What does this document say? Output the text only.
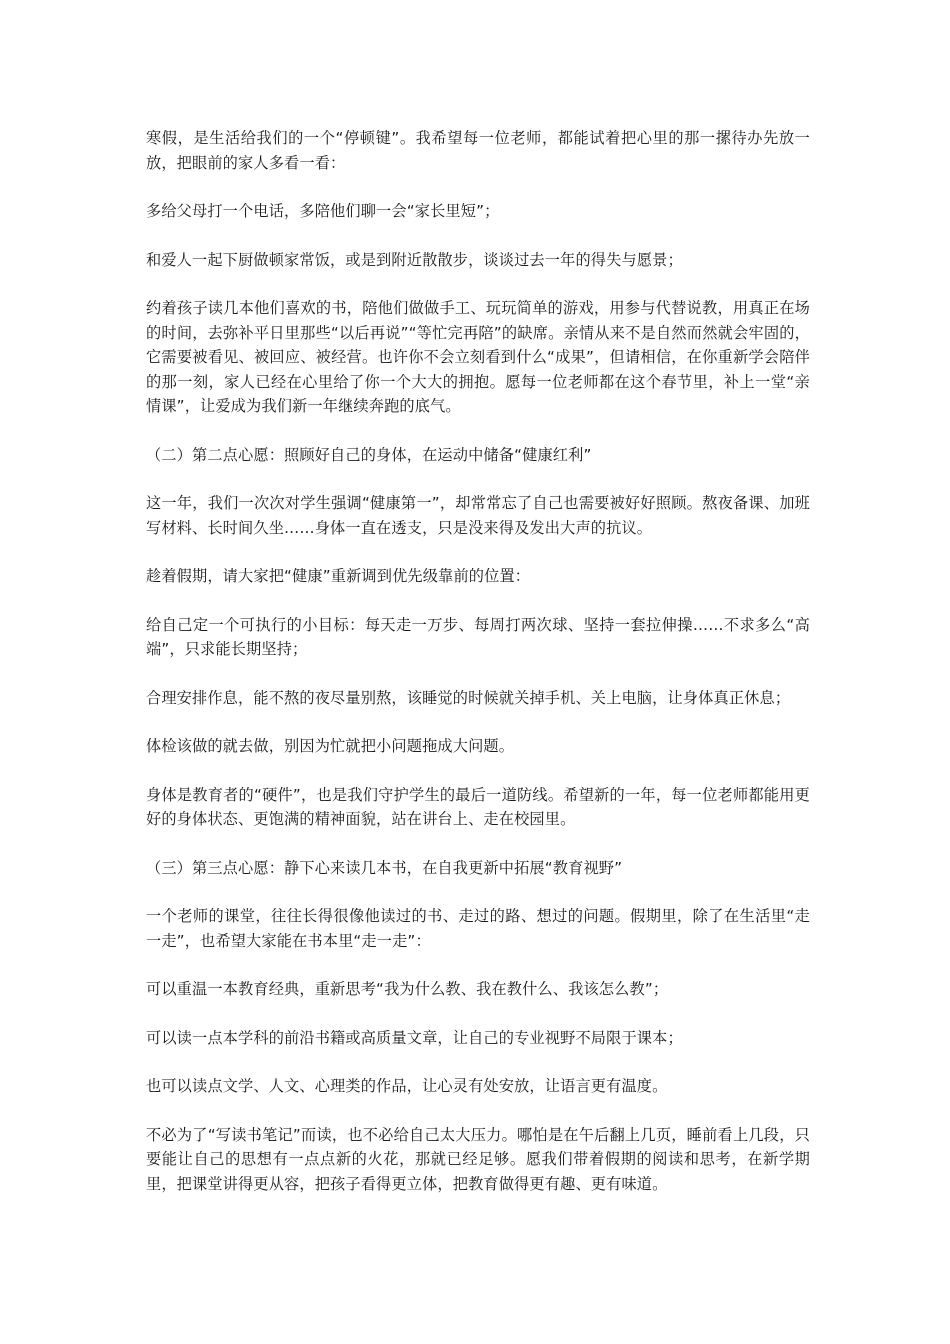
寒假，是生活给我们的一个“停顿键”。我希望每一位老师，都能试着把心里的那一摞待办先放一放，把眼前的家人多看一看：

多给父母打一个电话，多陪他们聊一会“家长里短”；

和爱人一起下厨做顿家常饭，或是到附近散散步，谈谈过去一年的得失与愿景；

约着孩子读几本他们喜欢的书，陪他们做做手工、玩玩简单的游戏，用参与代替说教，用真正在场的时间，去弥补平日里那些“以后再说”“等忙完再陪”的缺席。亲情从来不是自然而然就会牢固的，它需要被看见、被回应、被经营。也许你不会立刻看到什么“成果”，但请相信，在你重新学会陪伴的那一刻，家人已经在心里给了你一个大大的拥抱。愿每一位老师都在这个春节里，补上一堂“亲情课”，让爱成为我们新一年继续奔跑的底气。

（二）第二点心愿：照顾好自己的身体，在运动中储备“健康红利”

这一年，我们一次次对学生强调“健康第一”，却常常忘了自己也需要被好好照顾。熬夜备课、加班写材料、长时间久坐……身体一直在透支，只是没来得及发出大声的抗议。

趁着假期，请大家把“健康”重新调到优先级靠前的位置：

给自己定一个可执行的小目标：每天走一万步、每周打两次球、坚持一套拉伸操……不求多么“高端”，只求能长期坚持；

合理安排作息，能不熬的夜尽量别熬，该睡觉的时候就关掉手机、关上电脑，让身体真正休息；

体检该做的就去做，别因为忙就把小问题拖成大问题。

身体是教育者的“硬件”，也是我们守护学生的最后一道防线。希望新的一年，每一位老师都能用更好的身体状态、更饱满的精神面貌，站在讲台上、走在校园里。

（三）第三点心愿：静下心来读几本书，在自我更新中拓展“教育视野”

一个老师的课堂，往往长得很像他读过的书、走过的路、想过的问题。假期里，除了在生活里“走一走”，也希望大家能在书本里“走一走”：

可以重温一本教育经典，重新思考“我为什么教、我在教什么、我该怎么教”；

可以读一点本学科的前沿书籍或高质量文章，让自己的专业视野不局限于课本；

也可以读点文学、人文、心理类的作品，让心灵有处安放，让语言更有温度。

不必为了“写读书笔记”而读，也不必给自己太大压力。哪怕是在午后翻上几页，睡前看上几段，只要能让自己的思想有一点点新的火花，那就已经足够。愿我们带着假期的阅读和思考，在新学期里，把课堂讲得更从容，把孩子看得更立体，把教育做得更有趣、更有味道。
